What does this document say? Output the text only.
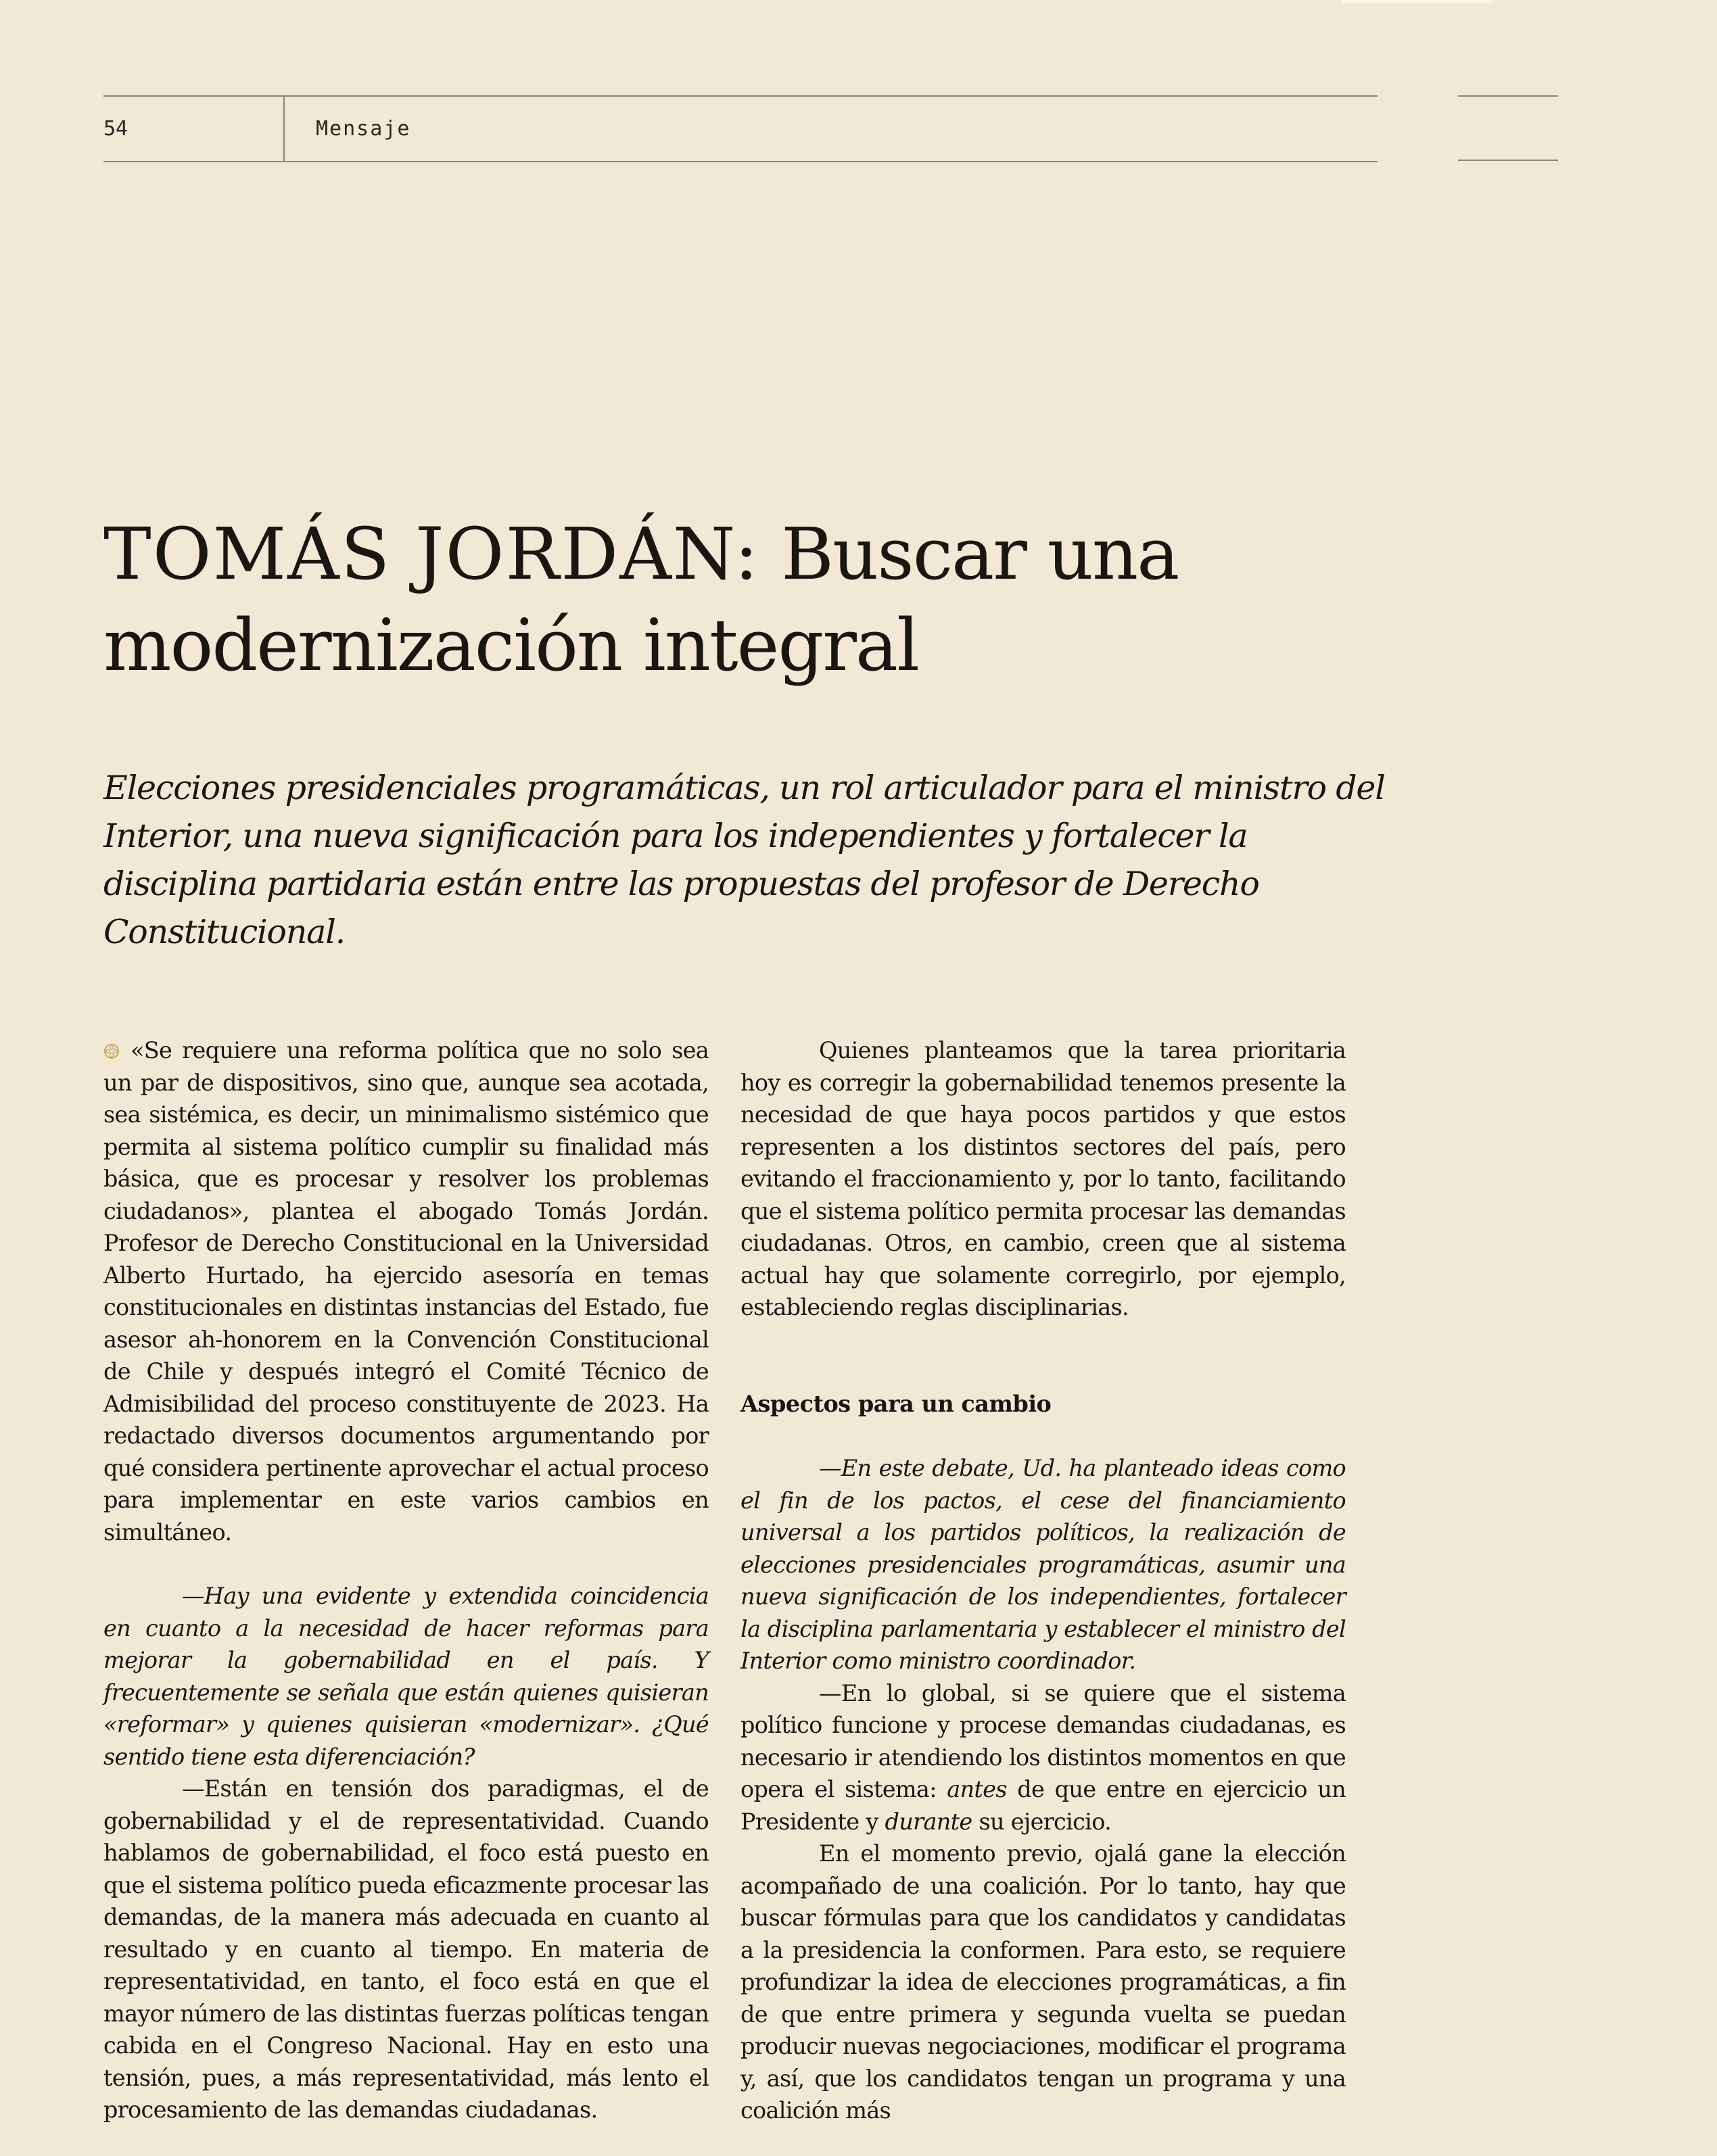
54	Mensaje
TOMÁS JORDÁN: Buscar una
modernización integral

Elecciones presidenciales programáticas, un rol articulador para el ministro del Interior, una nueva significación para los independientes y fortalecer la disciplina partidaria están entre las propuestas del profesor de Derecho Constitucional.

«Se requiere una reforma política que no solo sea un par de dispositivos, sino que, aunque sea acotada, sea sistémica, es decir, un minimalismo sistémico que permita al sistema político cumplir su finalidad más básica, que es procesar y resolver los problemas ciudadanos», plantea el abogado Tomás Jordán. Profesor de Derecho Constitucional en la Universidad Alberto Hurtado, ha ejercido asesoría en temas constitucionales en distintas instancias del Estado, fue asesor ah-honorem en la Convención Constitucional de Chile y después integró el Comité Técnico de Admisibilidad del proceso constituyente de 2023. Ha redactado diversos documentos argumentando por qué considera pertinente aprovechar el actual proceso para implementar en este varios cambios en simultáneo.

—Hay una evidente y extendida coincidencia en cuanto a la necesidad de hacer reformas para mejorar la gobernabilidad en el país. Y frecuentemente se señala que están quienes quisieran «reformar» y quienes quisieran «modernizar». ¿Qué sentido tiene esta diferenciación?

—Están en tensión dos paradigmas, el de gobernabilidad y el de representatividad. Cuando hablamos de gobernabilidad, el foco está puesto en que el sistema político pueda eficazmente procesar las demandas, de la manera más adecuada en cuanto al resultado y en cuanto al tiempo. En materia de representatividad, en tanto, el foco está en que el mayor número de las distintas fuerzas políticas tengan cabida en el Congreso Nacional. Hay en esto una tensión, pues, a más representatividad, más lento el procesamiento de las demandas ciudadanas.

Quienes planteamos que la tarea prioritaria hoy es corregir la gobernabilidad tenemos presente la necesidad de que haya pocos partidos y que estos representen a los distintos sectores del país, pero evitando el fraccionamiento y, por lo tanto, facilitando que el sistema político permita procesar las demandas ciudadanas. Otros, en cambio, creen que al sistema actual hay que solamente corregirlo, por ejemplo, estableciendo reglas disciplinarias.

Aspectos para un cambio

—En este debate, Ud. ha planteado ideas como el fin de los pactos, el cese del financiamiento universal a los partidos políticos, la realización de elecciones presidenciales programáticas, asumir una nueva significación de los independientes, fortalecer la disciplina parlamentaria y establecer el ministro del Interior como ministro coordinador.

—En lo global, si se quiere que el sistema político funcione y procese demandas ciudadanas, es necesario ir atendiendo los distintos momentos en que opera el sistema: antes de que entre en ejercicio un Presidente y durante su ejercicio.

En el momento previo, ojalá gane la elección acompañado de una coalición. Por lo tanto, hay que buscar fórmulas para que los candidatos y candidatas a la presidencia la conformen. Para esto, se requiere profundizar la idea de elecciones programáticas, a fin de que entre primera y segunda vuelta se puedan producir nuevas negociaciones, modificar el programa y, así, que los candidatos tengan un programa y una coalición más
